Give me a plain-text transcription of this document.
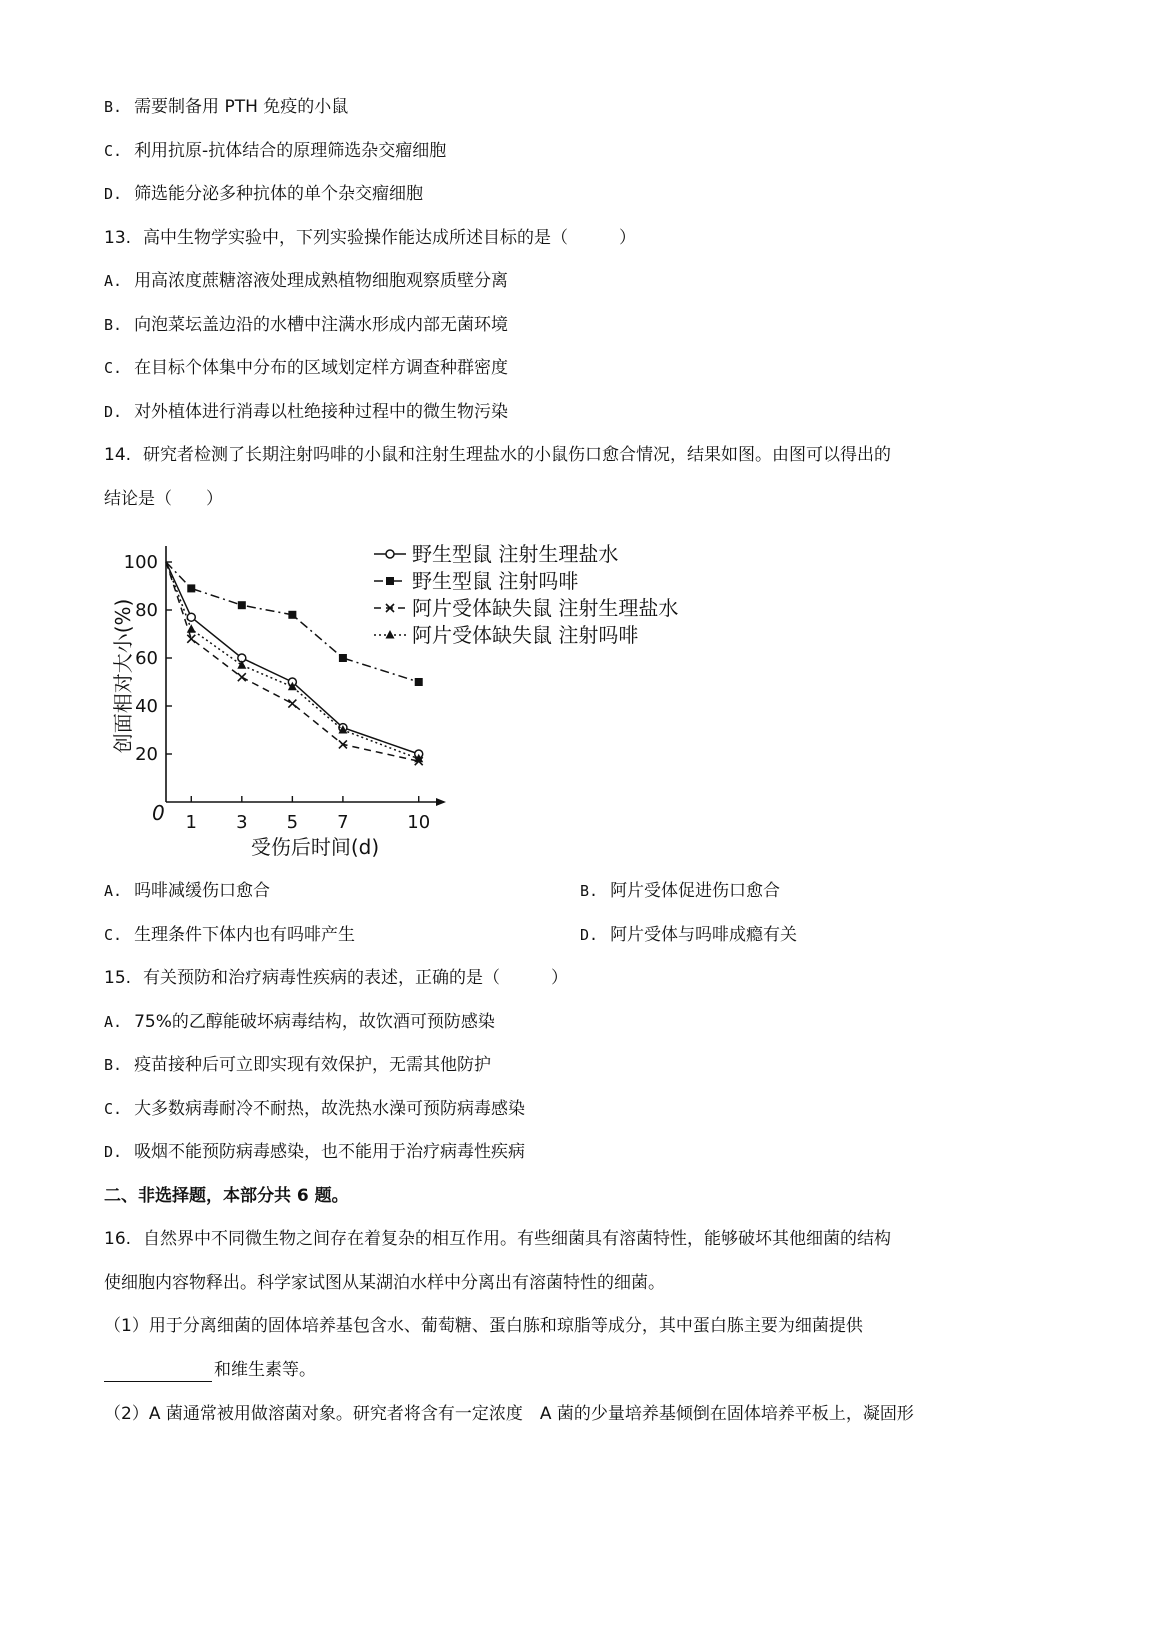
B. 需要制备用 PTH 免疫的小鼠
C. 利用抗原-抗体结合的原理筛选杂交瘤细胞
D. 筛选能分泌多种抗体的单个杂交瘤细胞
13. 高中生物学实验中，下列实验操作能达成所述目标的是（　　　）
A. 用高浓度蔗糖溶液处理成熟植物细胞观察质壁分离
B. 向泡菜坛盖边沿的水槽中注满水形成内部无菌环境
C. 在目标个体集中分布的区域划定样方调查种群密度
D. 对外植体进行消毒以杜绝接种过程中的微生物污染
14. 研究者检测了长期注射吗啡的小鼠和注射生理盐水的小鼠伤口愈合情况，结果如图。由图可以得出的
结论是（　　）
0
20
40
60
80
100
1 3 5 7	10
受伤后时间(d)
创面相对大小(%)
野生型鼠 注射生理盐水
野生型鼠 注射吗啡
阿片受体缺失鼠 注射生理盐水
阿片受体缺失鼠 注射吗啡
A. 吗啡减缓伤口愈合	B. 阿片受体促进伤口愈合
C. 生理条件下体内也有吗啡产生	D. 阿片受体与吗啡成瘾有关
15. 有关预防和治疗病毒性疾病的表述，正确的是（　　　）
A. 75%的乙醇能破坏病毒结构，故饮酒可预防感染
B. 疫苗接种后可立即实现有效保护，无需其他防护
C. 大多数病毒耐冷不耐热，故洗热水澡可预防病毒感染
D. 吸烟不能预防病毒感染，也不能用于治疗病毒性疾病
二、非选择题，本部分共 6 题。
16. 自然界中不同微生物之间存在着复杂的相互作用。有些细菌具有溶菌特性，能够破坏其他细菌的结构
使细胞内容物释出。科学家试图从某湖泊水样中分离出有溶菌特性的细菌。
（1）用于分离细菌的固体培养基包含水、葡萄糖、蛋白胨和琼脂等成分，其中蛋白胨主要为细菌提供
和维生素等。
（2）A 菌通常被用做溶菌对象。研究者将含有一定浓度　A 菌的少量培养基倾倒在固体培养平板上，凝固形
